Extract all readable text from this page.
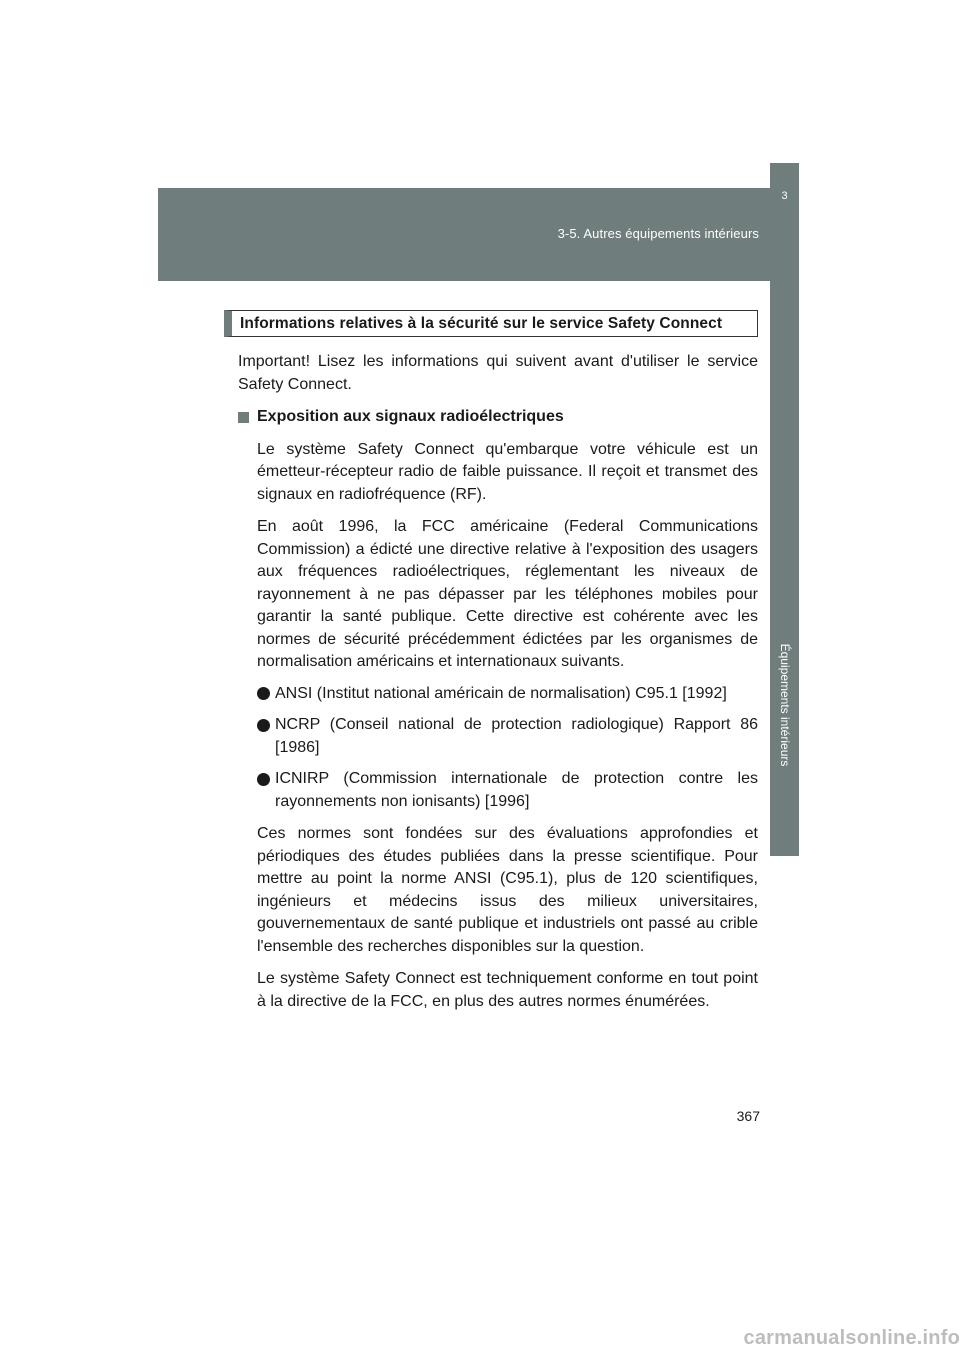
3-5. Autres équipements intérieurs
3
Équipements intérieurs
Informations relatives à la sécurité sur le service Safety Connect

Important! Lisez les informations qui suivent avant d'utiliser le service Safety Connect.

Exposition aux signaux radioélectriques

Le système Safety Connect qu'embarque votre véhicule est un émetteur-récepteur radio de faible puissance. Il reçoit et transmet des signaux en radiofréquence (RF).

En août 1996, la FCC américaine (Federal Communications Commission) a édicté une directive relative à l'exposition des usagers aux fréquences radioélectriques, réglementant les niveaux de rayonnement à ne pas dépasser par les téléphones mobiles pour garantir la santé publique. Cette directive est cohérente avec les normes de sécurité précédemment édictées par les organismes de normalisation américains et internationaux suivants.

ANSI (Institut national américain de normalisation) C95.1 [1992]
NCRP (Conseil national de protection radiologique) Rapport 86 [1986]
ICNIRP (Commission internationale de protection contre les rayonnements non ionisants) [1996]

Ces normes sont fondées sur des évaluations approfondies et périodiques des études publiées dans la presse scientifique. Pour mettre au point la norme ANSI (C95.1), plus de 120 scientifiques, ingénieurs et médecins issus des milieux universitaires, gouvernementaux de santé publique et industriels ont passé au crible l'ensemble des recherches disponibles sur la question.

Le système Safety Connect est techniquement conforme en tout point à la directive de la FCC, en plus des autres normes énumérées.

367
carmanualsonline.info
